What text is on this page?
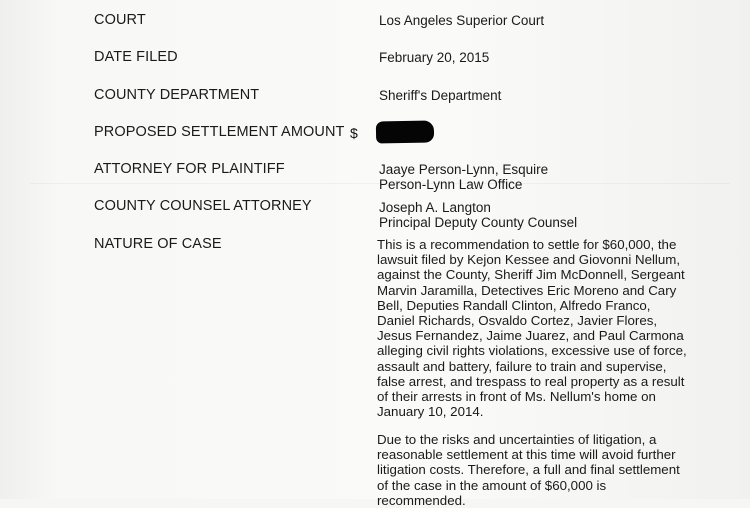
COURT	Los Angeles Superior Court
DATE FILED	February 20, 2015
COUNTY DEPARTMENT	Sheriff's Department
PROPOSED SETTLEMENT AMOUNT $
ATTORNEY FOR PLAINTIFF	Jaaye Person-Lynn, Esquire
Person-Lynn Law Office
COUNTY COUNSEL ATTORNEY	Joseph A. Langton
Principal Deputy County Counsel
NATURE OF CASE	This is a recommendation to settle for $60,000, the
lawsuit filed by Kejon Kessee and Giovonni Nellum,
against the County, Sheriff Jim McDonnell, Sergeant
Marvin Jaramilla, Detectives Eric Moreno and Cary
Bell, Deputies Randall Clinton, Alfredo Franco,
Daniel Richards, Osvaldo Cortez, Javier Flores,
Jesus Fernandez, Jaime Juarez, and Paul Carmona
alleging civil rights violations, excessive use of force,
assault and battery, failure to train and supervise,
false arrest, and trespass to real property as a result
of their arrests in front of Ms. Nellum's home on
January 10, 2014.
Due to the risks and uncertainties of litigation, a
reasonable settlement at this time will avoid further
litigation costs. Therefore, a full and final settlement
of the case in the amount of $60,000 is
recommended.
